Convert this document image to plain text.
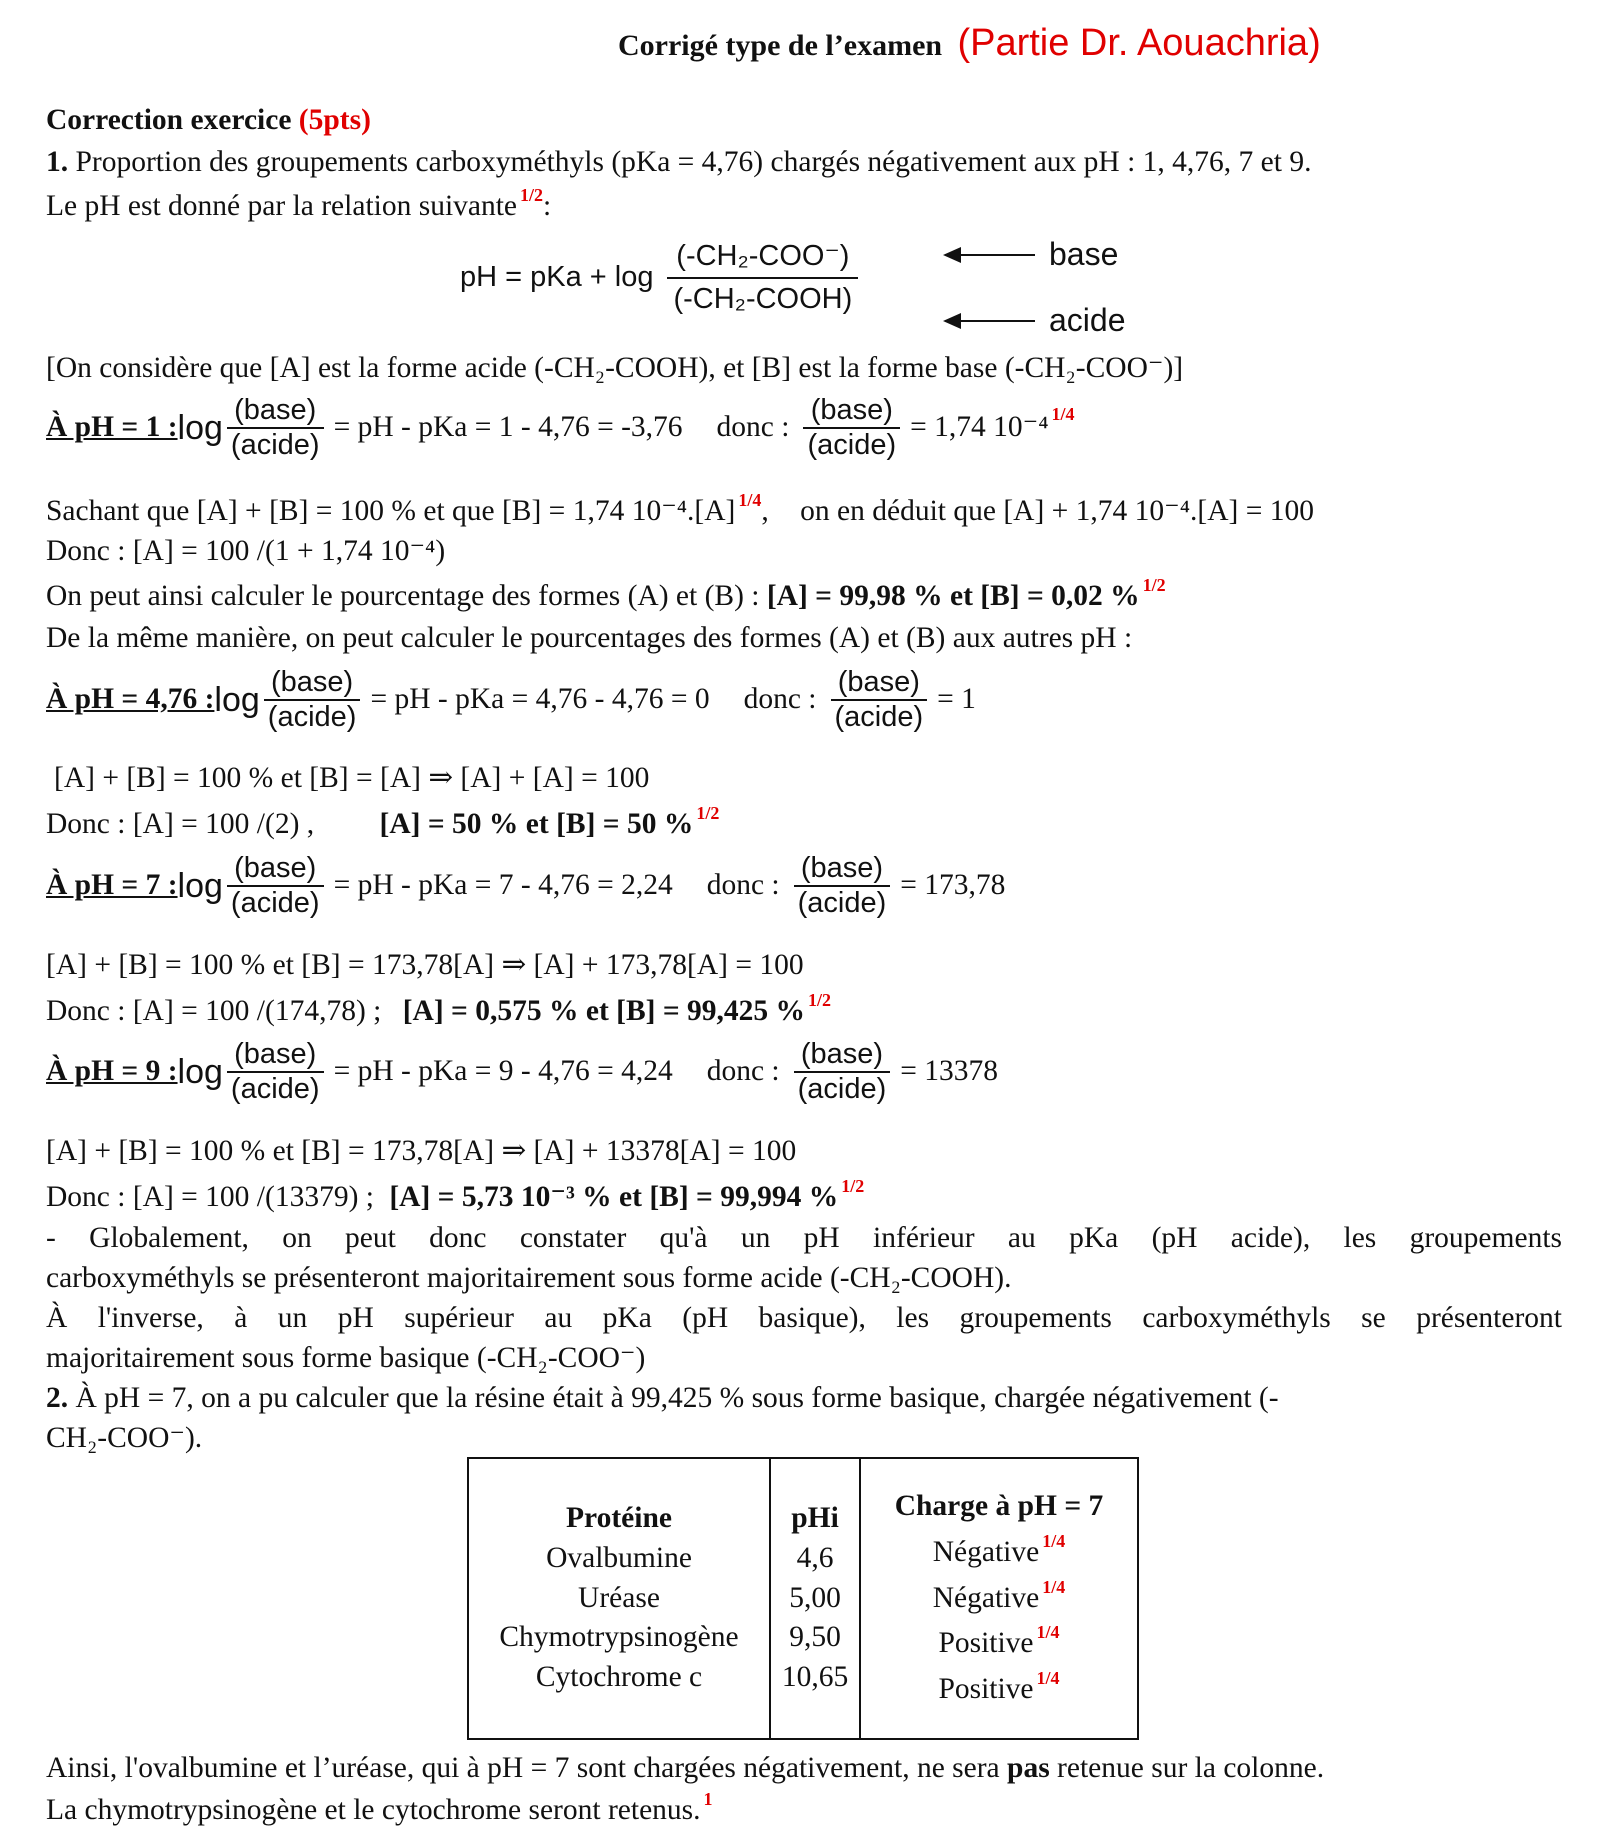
Corrigé type de l’examen (Partie Dr. Aouachria)
Correction exercice (5pts)
1. Proportion des groupements carboxyméthyls (pKa = 4,76) chargés négativement aux pH : 1, 4,76, 7 et 9.
Le pH est donné par la relation suivante $^{1/2}$:
pH = pKa + log
(-CH₂-COO⁻)
(-CH₂-COOH)
base
acide
[On considère que [A] est la forme acide (-CH₂-COOH), et [B] est la forme base (-CH₂-COO⁻)]
À pH = 1 : $\log \frac{\text{(base)}}{\text{(acide)}}$ = pH - pKa = 1 - 4,76 = -3,76 donc : $\frac{\text{(base)}}{\text{(acide)}} = 1,74$ 10⁻⁴ 1/4
Sachant que [A] + [B] = 100 % et que [B] = 1,74 10⁻⁴.[A] $^{1/4}$, on en déduit que [A] + 1,74 10⁻⁴.[A] = 100
Donc : [A] = 100 /(1 + 1,74 10⁻⁴)
On peut ainsi calculer le pourcentage des formes (A) et (B) : [A] = 99,98 % et [B] = 0,02 % $^{1/2}$
De la même manière, on peut calculer le pourcentages des formes (A) et (B) aux autres pH :
À pH = 4,76 : $\log \frac{\text{(base)}}{\text{(acide)}}$ = pH - pKa = 4,76 - 4,76 = 0 donc : $\frac{\text{(base)}}{\text{(acide)}} = 1$
[A] + [B] = 100 % et [B] = [A] ⇒ [A] + [A] = 100
Donc : [A] = 100 /(2) , [A] = 50 % et [B] = 50 % $^{1/2}$
À pH = 7 : $\log \frac{\text{(base)}}{\text{(acide)}}$ = pH - pKa = 7 - 4,76 = 2,24 donc : $\frac{\text{(base)}}{\text{(acide)}} = 173,78$
[A] + [B] = 100 % et [B] = 173,78[A] ⇒ [A] + 173,78[A] = 100
Donc : [A] = 100 /(174,78) ; [A] = 0,575 % et [B] = 99,425 % $^{1/2}$
À pH = 9 : $\log \frac{\text{(base)}}{\text{(acide)}}$ = pH - pKa = 9 - 4,76 = 4,24 donc : $\frac{\text{(base)}}{\text{(acide)}} = 13378$
[A] + [B] = 100 % et [B] = 173,78[A] ⇒ [A] + 13378[A] = 100
Donc : [A] = 100 /(13379) ; [A] = 5,73 10⁻³ % et [B] = 99,994 % $^{1/2}$
- Globalement, on peut donc constater qu'à un pH inférieur au pKa (pH acide), les groupements
carboxyméthyls se présenteront majoritairement sous forme acide (-CH₂-COOH).
À l'inverse, à un pH supérieur au pKa (pH basique), les groupements carboxyméthyls se présenteront
majoritairement sous forme basique (-CH₂-COO⁻)
2. À pH = 7, on a pu calculer que la résine était à 99,425 % sous forme basique, chargée négativement (-
CH₂-COO⁻).
Protéine
Ovalbumine
Uréase
Chymotrypsinogène
Cytochrome c
pHi
4,6
5,00
9,50
10,65
Charge à pH = 7
Négative $^{1/4}$
Négative $^{1/4}$
Positive $^{1/4}$
Positive $^{1/4}$
Ainsi, l'ovalbumine et l’uréase, qui à pH = 7 sont chargées négativement, ne sera pas retenue sur la colonne.
La chymotrypsinogène et le cytochrome seront retenus. $^1$
